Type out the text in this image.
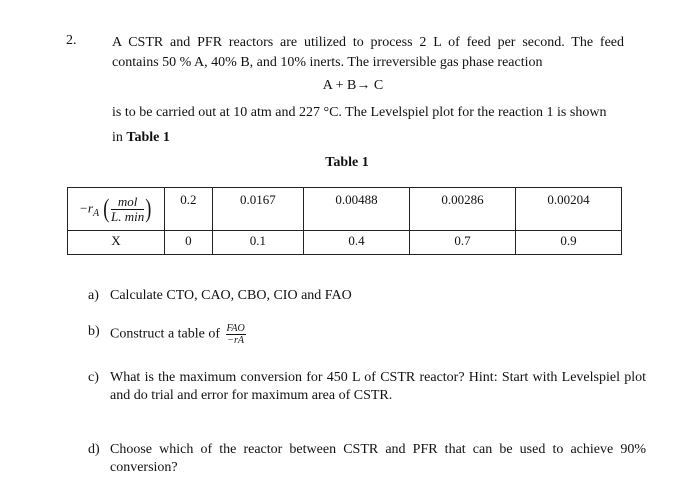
2.	A CSTR and PFR reactors are utilized to process 2 L of feed per second. The feed
contains 50 % A, 40% B, and 10% inerts. The irreversible gas phase reaction
A + B→ C
is to be carried out at 10 atm and 227 °C. The Levelspiel plot for the reaction 1 is shown
in Table 1
Table 1
$-r_A$ ( $\frac{\text{mol}}{L. \min}$ )	0.2	0.0167	0.00488	0.00286	0.00204
X	0	0.1	0.4	0.7	0.9
a) Calculate CTO, CAO, CBO, CIO and FAO
b) Construct a table of $\frac{\text{FAO}}{-rA}$
c) What is the maximum conversion for 450 L of CSTR reactor? Hint: Start with Levelspiel plot and do trial and error for maximum area of CSTR.
d) Choose which of the reactor between CSTR and PFR that can be used to achieve 90% conversion?
